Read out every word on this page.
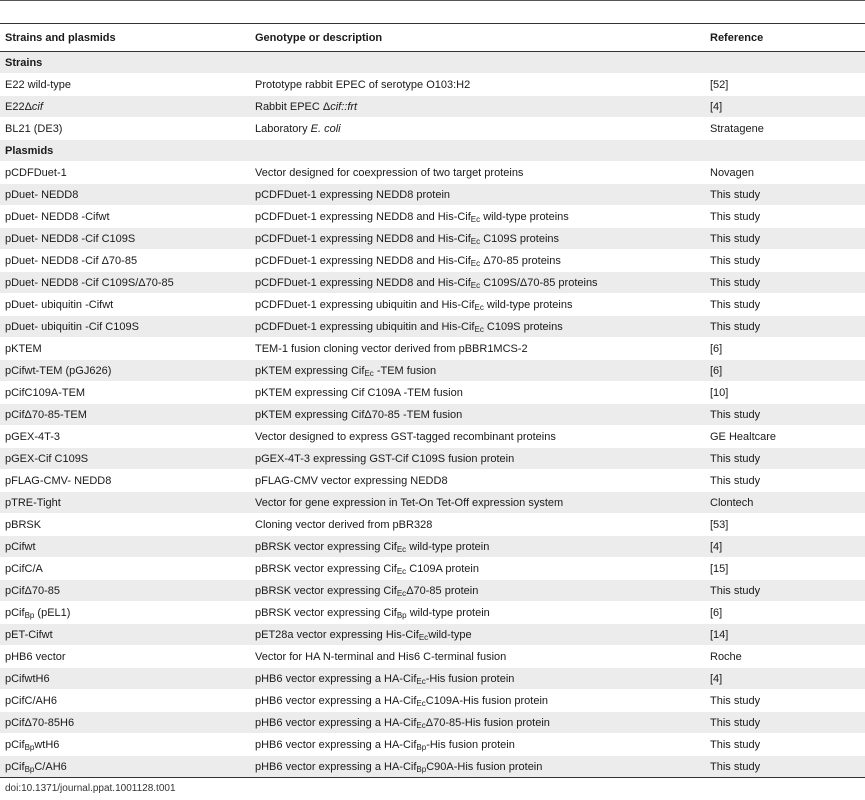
Strains and plasmids	Genotype or description	Reference
Strains		
E22 wild-type	Prototype rabbit EPEC of serotype O103:H2	[52]
E22Δcif	Rabbit EPEC Δcif::frt	[4]
BL21 (DE3)	Laboratory E. coli	Stratagene
Plasmids		
pCDFDuet-1	Vector designed for coexpression of two target proteins	Novagen
pDuet- NEDD8	pCDFDuet-1 expressing NEDD8 protein	This study
pDuet- NEDD8 -Cifwt	pCDFDuet-1 expressing NEDD8 and His-Cif$_{Ec}$ wild-type proteins	This study
pDuet- NEDD8 -Cif C109S	pCDFDuet-1 expressing NEDD8 and His-Cif$_{Ec}$ C109S proteins	This study
pDuet- NEDD8 -Cif Δ70-85	pCDFDuet-1 expressing NEDD8 and His-Cif$_{Ec}$ Δ70-85 proteins	This study
pDuet- NEDD8 -Cif C109S/Δ70-85	pCDFDuet-1 expressing NEDD8 and His-Cif$_{Ec}$ C109S/Δ70-85 proteins	This study
pDuet- ubiquitin -Cifwt	pCDFDuet-1 expressing ubiquitin and His-Cif$_{Ec}$ wild-type proteins	This study
pDuet- ubiquitin -Cif C109S	pCDFDuet-1 expressing ubiquitin and His-Cif$_{Ec}$ C109S proteins	This study
pKTEM	TEM-1 fusion cloning vector derived from pBBR1MCS-2	[6]
pCifwt-TEM (pGJ626)	pKTEM expressing Cif$_{Ec}$ -TEM fusion	[6]
pCifC109A-TEM	pKTEM expressing Cif C109A -TEM fusion	[10]
pCifΔ70-85-TEM	pKTEM expressing CifΔ70-85 -TEM fusion	This study
pGEX-4T-3	Vector designed to express GST-tagged recombinant proteins	GE Healtcare
pGEX-Cif C109S	pGEX-4T-3 expressing GST-Cif C109S fusion protein	This study
pFLAG-CMV- NEDD8	pFLAG-CMV vector expressing NEDD8	This study
pTRE-Tight	Vector for gene expression in Tet-On Tet-Off expression system	Clontech
pBRSK	Cloning vector derived from pBR328	[53]
pCifwt	pBRSK vector expressing Cif$_{Ec}$ wild-type protein	[4]
pCifC/A	pBRSK vector expressing Cif$_{Ec}$ C109A protein	[15]
pCifΔ70-85	pBRSK vector expressing Cif$_{Ec}$Δ70-85 protein	This study
pCif$_{Bp}$ (pEL1)	pBRSK vector expressing Cif$_{Bp}$ wild-type protein	[6]
pET-Cifwt	pET28a vector expressing His-Cif$_{Ec}$wild-type	[14]
pHB6 vector	Vector for HA N-terminal and His6 C-terminal fusion	Roche
pCifwtH6	pHB6 vector expressing a HA-Cif$_{Ec}$-His fusion protein	[4]
pCifC/AH6	pHB6 vector expressing a HA-Cif$_{Ec}$C109A-His fusion protein	This study
pCifΔ70-85H6	pHB6 vector expressing a HA-Cif$_{Ec}$Δ70-85-His fusion protein	This study
pCif$_{Bp}$wtH6	pHB6 vector expressing a HA-Cif$_{Bp}$-His fusion protein	This study
pCif$_{Bp}$C/AH6	pHB6 vector expressing a HA-Cif$_{Bp}$C90A-His fusion protein	This study
doi:10.1371/journal.ppat.1001128.t001
